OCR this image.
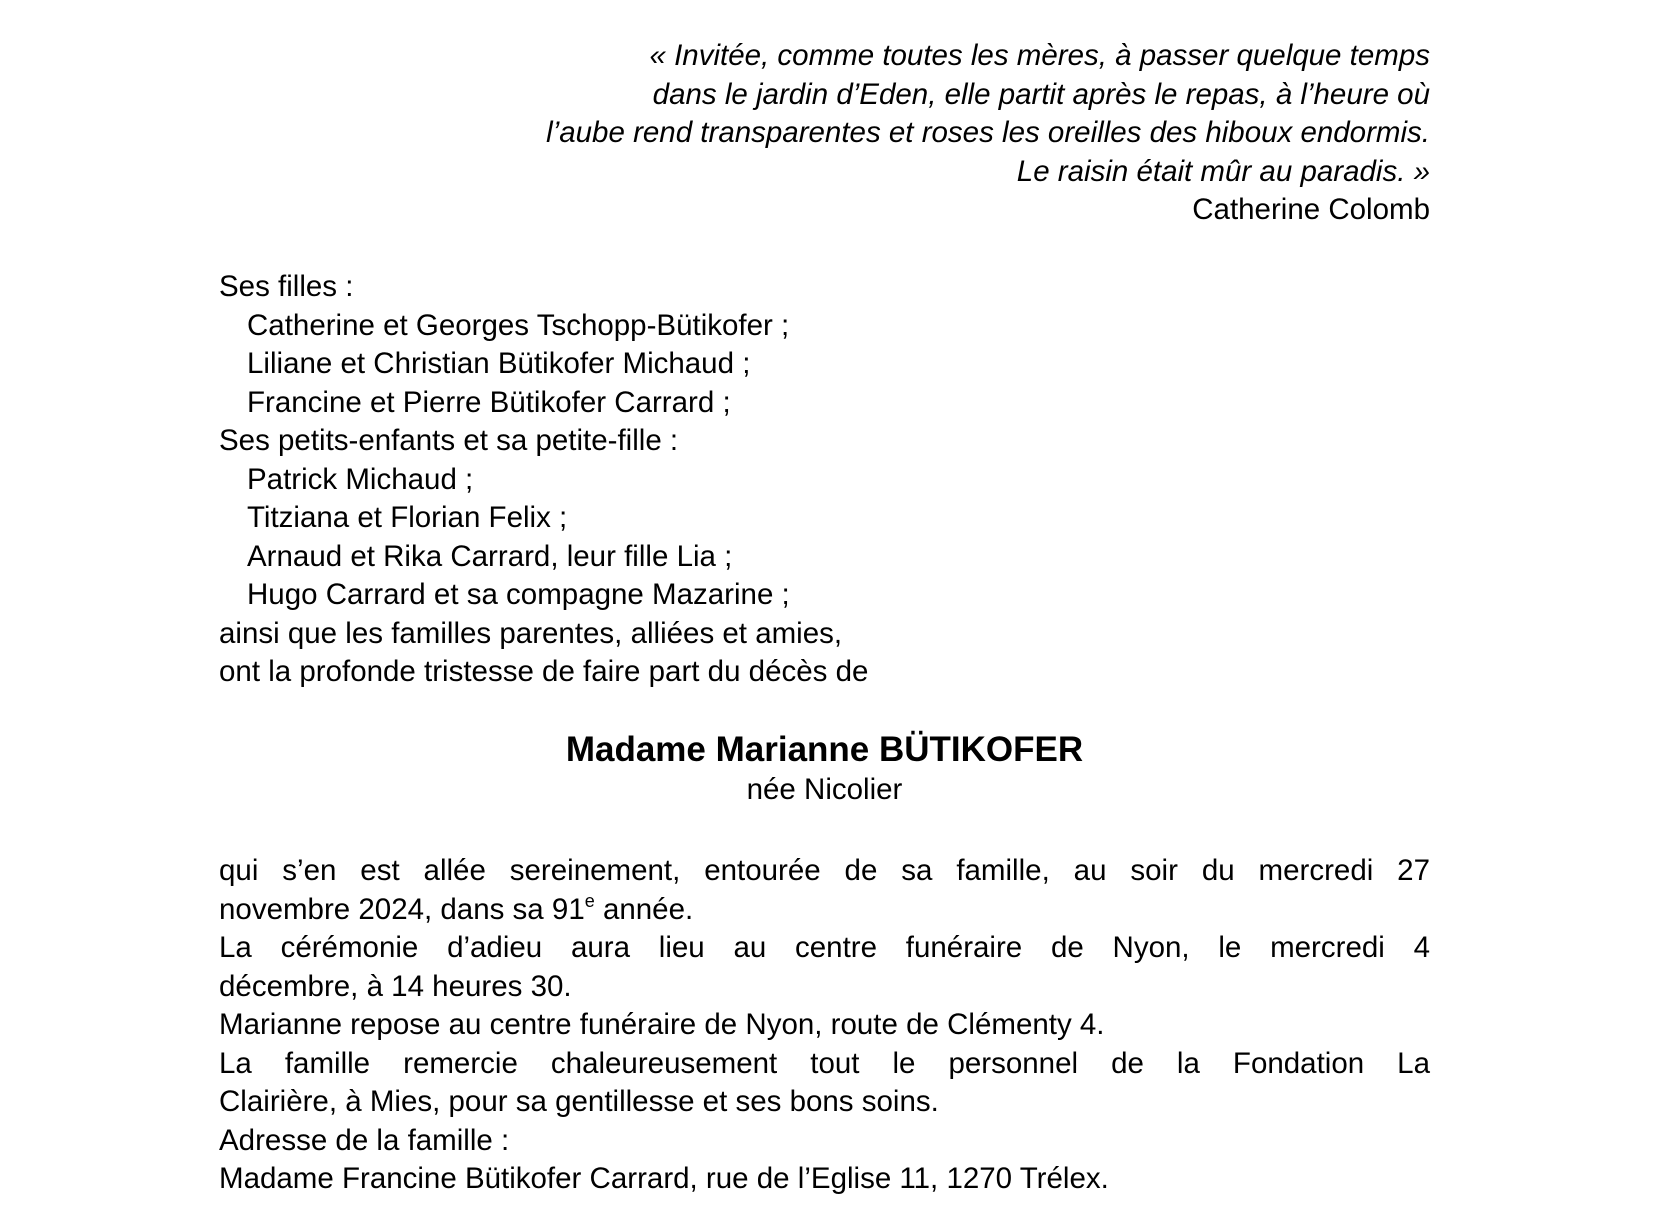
« Invitée, comme toutes les mères, à passer quelque temps
dans le jardin d’Eden, elle partit après le repas, à l’heure où
l’aube rend transparentes et roses les oreilles des hiboux endormis.
Le raisin était mûr au paradis. »
Catherine Colomb
Ses filles :
Catherine et Georges Tschopp-Bütikofer ;
Liliane et Christian Bütikofer Michaud ;
Francine et Pierre Bütikofer Carrard ;
Ses petits-enfants et sa petite-fille :
Patrick Michaud ;
Titziana et Florian Felix ;
Arnaud et Rika Carrard, leur fille Lia ;
Hugo Carrard et sa compagne Mazarine ;
ainsi que les familles parentes, alliées et amies,
ont la profonde tristesse de faire part du décès de
Madame Marianne BÜTIKOFER
née Nicolier
qui s’en est allée sereinement, entourée de sa famille, au soir du mercredi 27
novembre 2024, dans sa 91e année.
La cérémonie d’adieu aura lieu au centre funéraire de Nyon, le mercredi 4
décembre, à 14 heures 30.
Marianne repose au centre funéraire de Nyon, route de Clémenty 4.
La famille remercie chaleureusement tout le personnel de la Fondation La
Clairière, à Mies, pour sa gentillesse et ses bons soins.
Adresse de la famille :
Madame Francine Bütikofer Carrard, rue de l’Eglise 11, 1270 Trélex.
